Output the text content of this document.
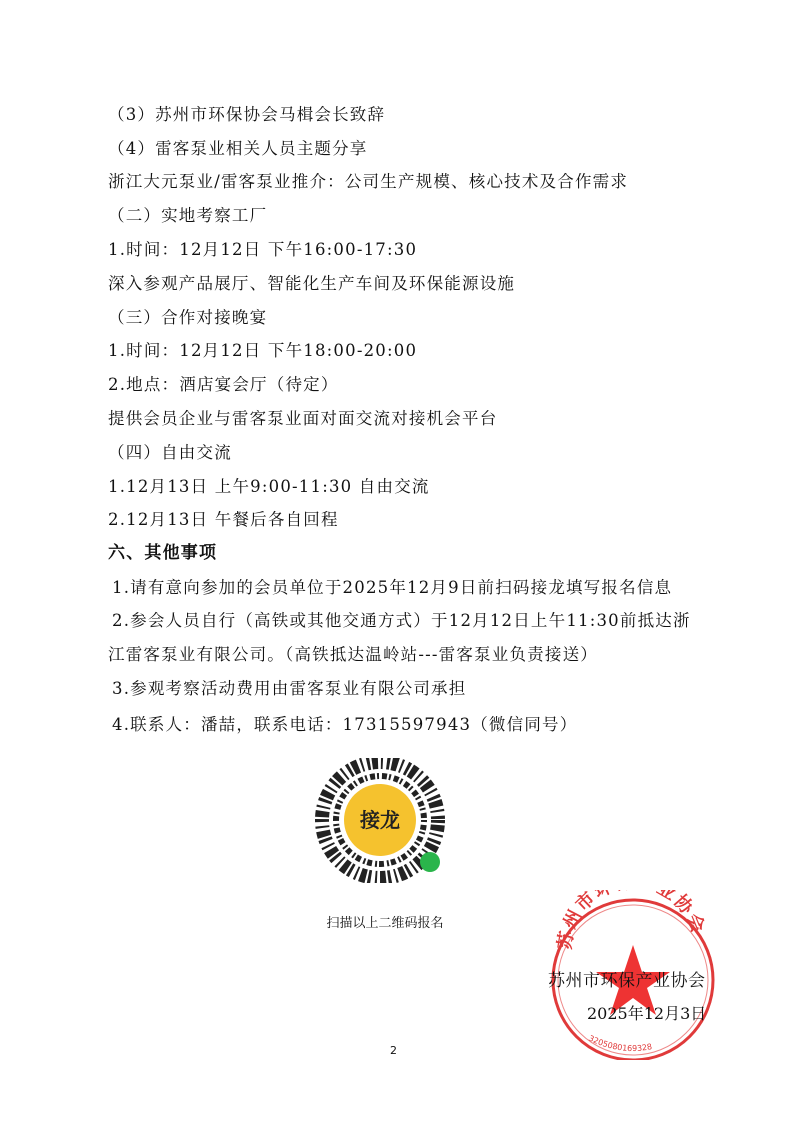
（3）苏州市环保协会马楫会长致辞
（4）雷客泵业相关人员主题分享
浙江大元泵业/雷客泵业推介：公司生产规模、核心技术及合作需求
（二）实地考察工厂
1.时间：12月12日 下午16:00-17:30
深入参观产品展厅、智能化生产车间及环保能源设施
（三）合作对接晚宴
1.时间：12月12日 下午18:00-20:00
2.地点：酒店宴会厅（待定）
提供会员企业与雷客泵业面对面交流对接机会平台
（四）自由交流
1.12月13日 上午9:00-11:30 自由交流
2.12月13日 午餐后各自回程
六、其他事项
1.请有意向参加的会员单位于2025年12月9日前扫码接龙填写报名信息
2.参会人员自行（高铁或其他交通方式）于12月12日上午11:30前抵达浙
江雷客泵业有限公司。（高铁抵达温岭站---雷客泵业负责接送）
3.参观考察活动费用由雷客泵业有限公司承担
4.联系人：潘喆，联系电话：17315597943（微信同号）
接龙
扫描以上二维码报名
苏州市 业协会
3205080169328
苏州市环保产业协会
2025年12月3日
2
